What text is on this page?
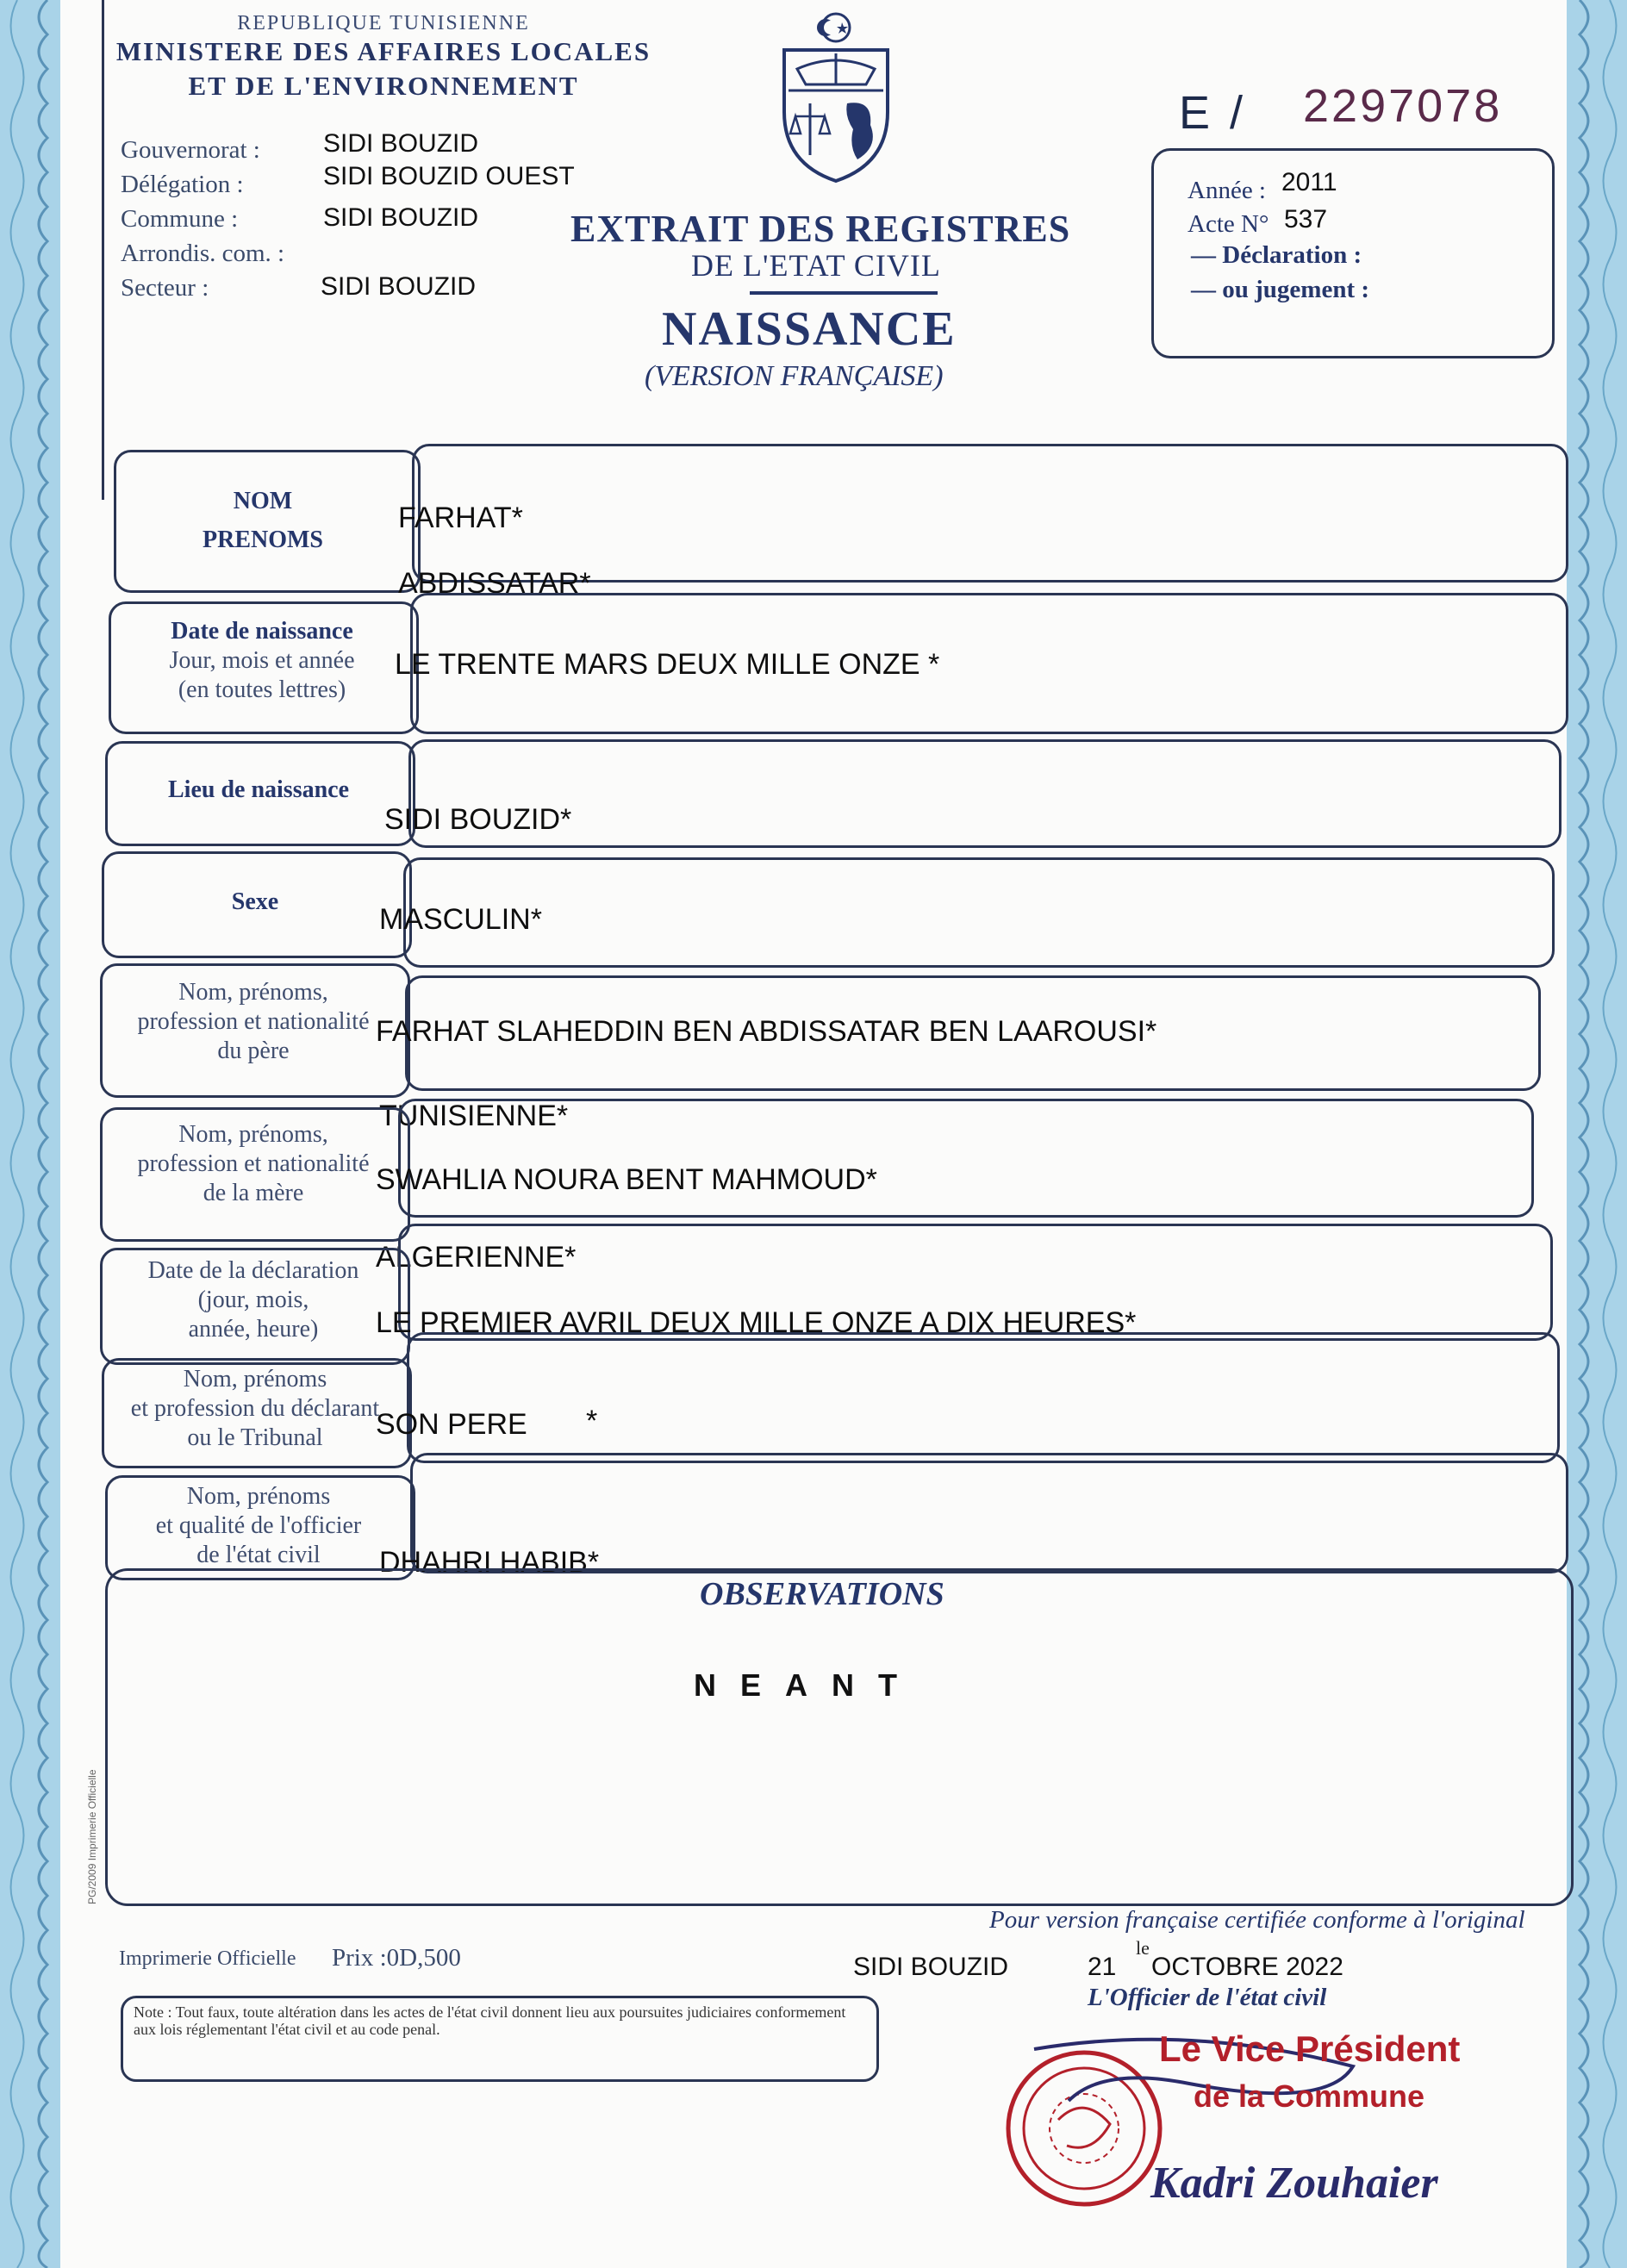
REPUBLIQUE TUNISIENNE
MINISTERE DES AFFAIRES LOCALES
ET DE L'ENVIRONNEMENT
Gouvernorat : SIDI BOUZID
Délégation :	SIDI BOUZID OUEST
Commune :	SIDI BOUZID
Arrondis. com. :
Secteur :	SIDI BOUZID
EXTRAIT DES REGISTRES
DE L'ETAT CIVIL
NAISSANCE
(VERSION FRANÇAISE)
E / 2297078
Année : 2011
Acte N° 537
— Déclaration :
— ou jugement :
NOM
PRENOMS
FARHAT*
ABDISSATAR*
Date de naissance
Jour, mois et année
(en toutes lettres)
LE TRENTE MARS DEUX MILLE ONZE *
Lieu de naissance
SIDI BOUZID*
Sexe
MASCULIN*
Nom, prénoms,
profession et nationalité
du père
FARHAT SLAHEDDIN BEN ABDISSATAR BEN LAAROUSI*
TUNISIENNE*
Nom, prénoms,
profession et nationalité
de la mère	SWAHLIA NOURA BENT MAHMOUD*
ALGERIENNE*
Date de la déclaration
(jour, mois,
année, heure)	LE PREMIER AVRIL DEUX MILLE ONZE A DIX HEURES*
Nom, prénoms
et profession du déclarant
ou le Tribunal	SON PERE *
Nom, prénoms
et qualité de l'officier
de l'état civil	DHAHRI HABIB*
OBSERVATIONS
NEANT
PG/2009 Imprimerie Officielle
Pour version française certifiée conforme à l'original
Imprimerie Officielle Prix :0D,500	SIDI BOUZID	21
le
OCTOBRE 2022
L'Officier de l'état civil
Note : Tout faux, toute altération dans les actes de l'état civil donnent lieu aux poursuites judiciaires conformement aux lois réglementant l'état civil et au code penal.	Le Vice Président
de la Commune
Kadri Zouhaier
